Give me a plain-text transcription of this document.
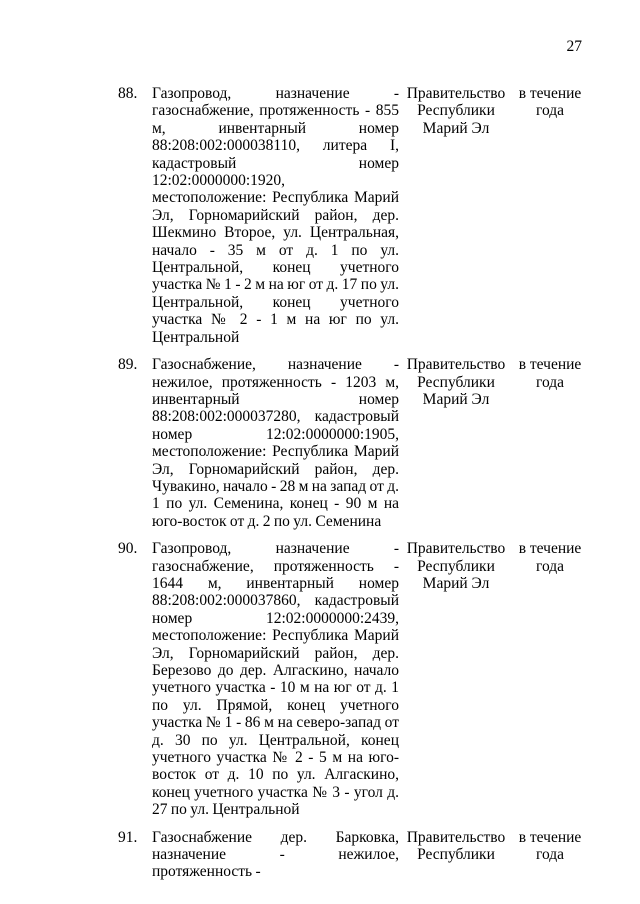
27
88. Газопровод, назначение - газоснабжение, протяженность - 855 м, инвентарный номер 88:208:002:000038110, литера I, кадастровый номер 12:02:0000000:1920, местоположение: Республика Марий Эл, Горномарийский район, дер. Шекмино Второе, ул. Центральная, начало - 35 м от д. 1 по ул. Центральной, конец учетного участка № 1 - 2 м на юг от д. 17 по ул. Центральной, конец учетного участка № 2 - 1 м на юг по ул. Центральной
Правительство
Республики
Марий Эл
в течение
года
89. Газоснабжение, назначение - нежилое, протяженность - 1203 м, инвентарный номер 88:208:002:000037280, кадастровый номер 12:02:0000000:1905, местоположение: Республика Марий Эл, Горномарийский район, дер. Чувакино, начало - 28 м на запад от д. 1 по ул. Семенина, конец - 90 м на юго-восток от д. 2 по ул. Семенина
Правительство
Республики
Марий Эл
в течение
года
90. Газопровод, назначение - газоснабжение, протяженность - 1644 м, инвентарный номер 88:208:002:000037860, кадастровый номер 12:02:0000000:2439, местоположение: Республика Марий Эл, Горномарийский район, дер. Березово до дер. Алгаскино, начало учетного участка - 10 м на юг от д. 1 по ул. Прямой, конец учетного участка № 1 - 86 м на северо-запад от д. 30 по ул. Центральной, конец учетного участка № 2 - 5 м на юго-восток от д. 10 по ул. Алгаскино, конец учетного участка № 3 - угол д. 27 по ул. Центральной
Правительство
Республики
Марий Эл
в течение
года
91. Газоснабжение дер. Барковка, назначение - нежилое, протяженность -
Правительство
Республики
в течение
года
